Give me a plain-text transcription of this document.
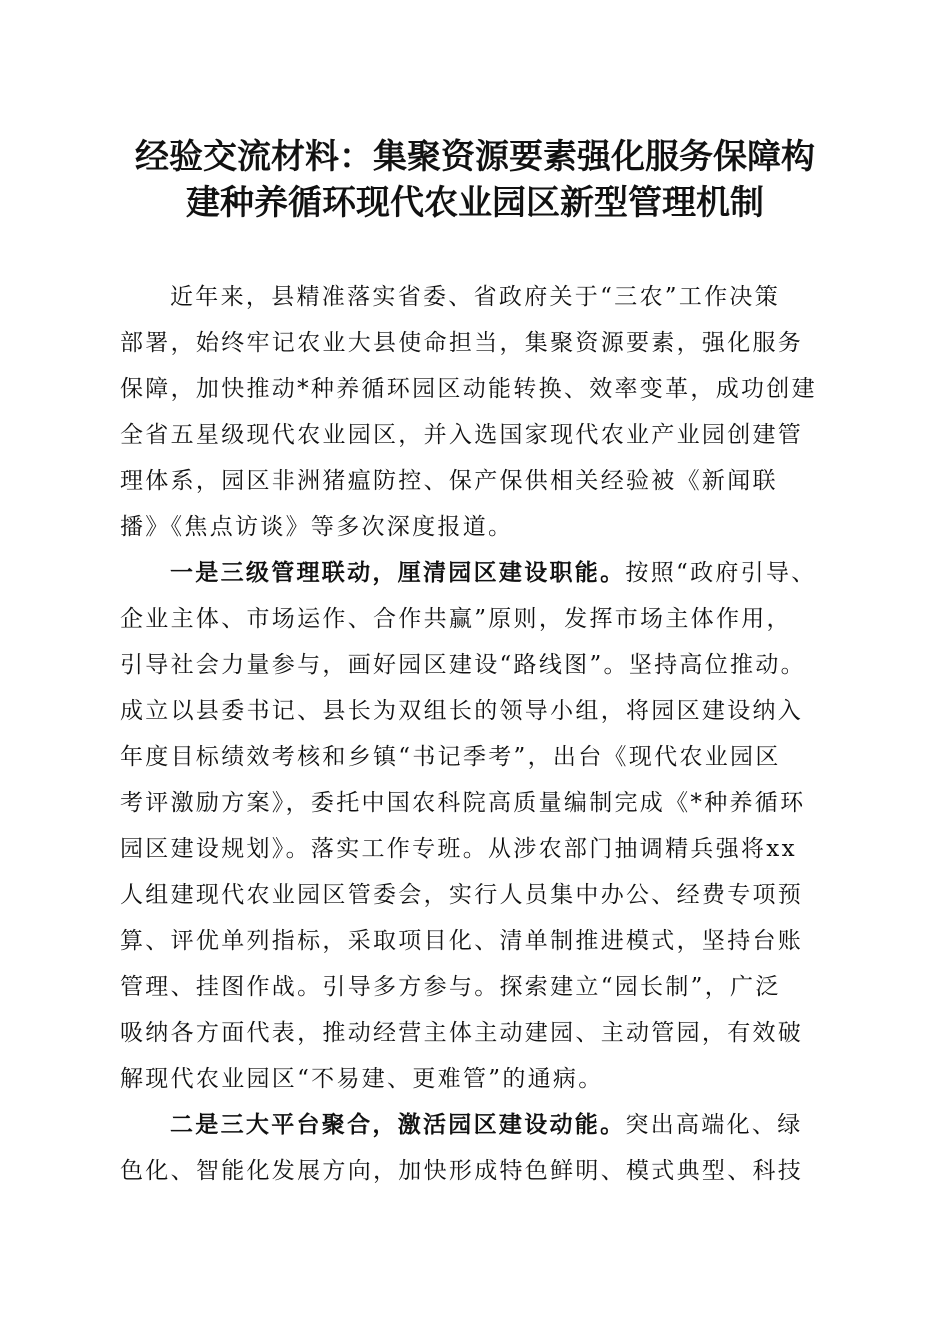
经验交流材料：集聚资源要素强化服务保障构
建种养循环现代农业园区新型管理机制

近年来，县精准落实省委、省政府关于“三农”工作决策
部署，始终牢记农业大县使命担当，集聚资源要素，强化服务
保障，加快推动*种养循环园区动能转换、效率变革，成功创建
全省五星级现代农业园区，并入选国家现代农业产业园创建管
理体系，园区非洲猪瘟防控、保产保供相关经验被《新闻联
播》《焦点访谈》等多次深度报道。

一是三级管理联动，厘清园区建设职能。按照“政府引导、
企业主体、市场运作、合作共赢”原则，发挥市场主体作用，
引导社会力量参与，画好园区建设“路线图”。坚持高位推动。
成立以县委书记、县长为双组长的领导小组，将园区建设纳入
年度目标绩效考核和乡镇“书记季考”，出台《现代农业园区
考评激励方案》，委托中国农科院高质量编制完成《*种养循环
园区建设规划》。落实工作专班。从涉农部门抽调精兵强将xx
人组建现代农业园区管委会，实行人员集中办公、经费专项预
算、评优单列指标，采取项目化、清单制推进模式，坚持台账
管理、挂图作战。引导多方参与。探索建立“园长制”，广泛
吸纳各方面代表，推动经营主体主动建园、主动管园，有效破
解现代农业园区“不易建、更难管”的通病。

二是三大平台聚合，激活园区建设动能。突出高端化、绿
色化、智能化发展方向，加快形成特色鲜明、模式典型、科技
